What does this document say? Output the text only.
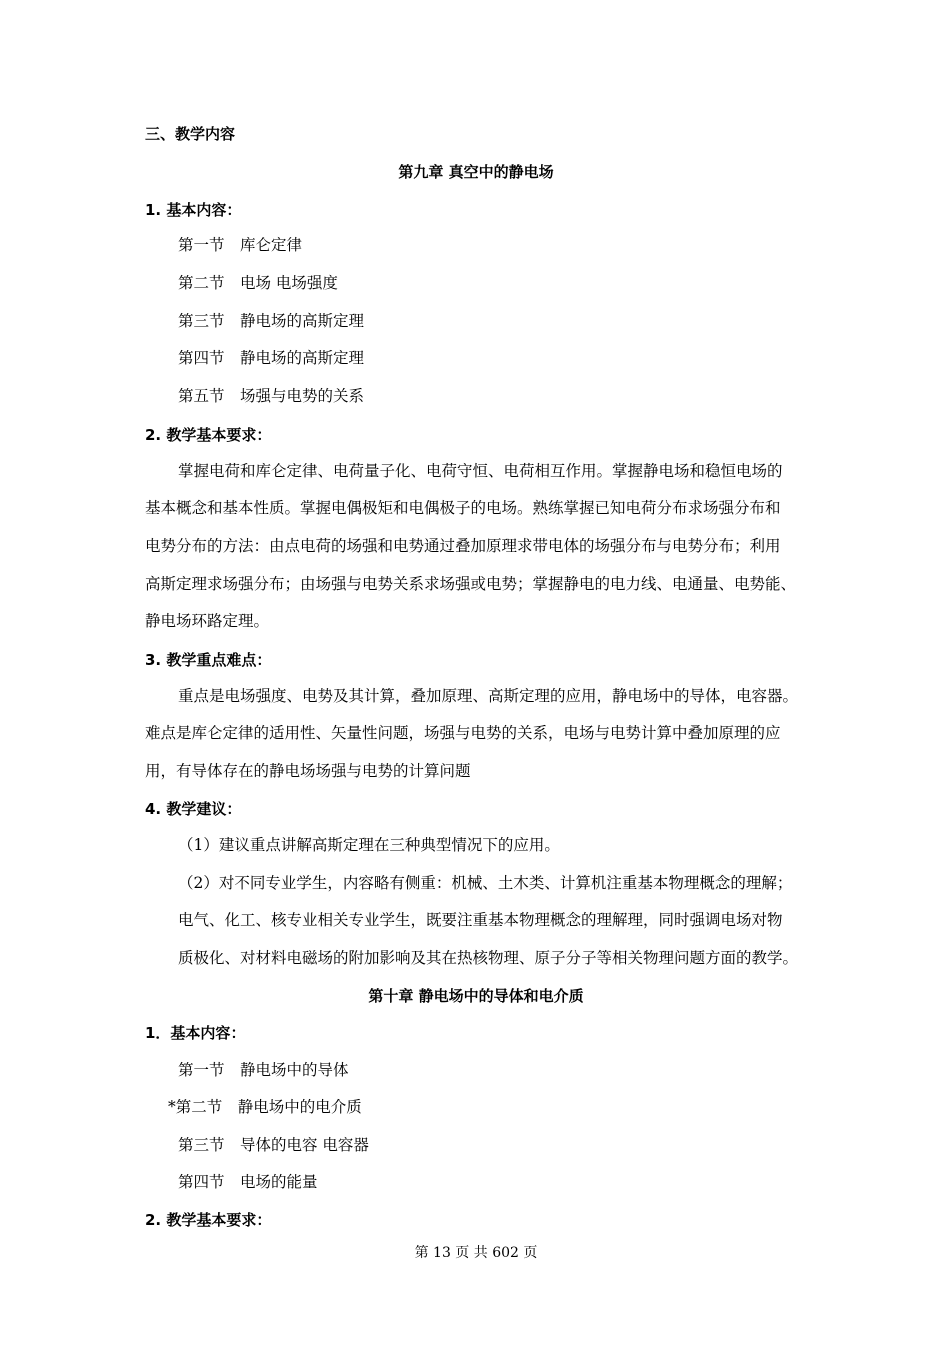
三、教学内容

第九章 真空中的静电场

1. 基本内容：

第一节　库仑定律

第二节　电场 电场强度

第三节　静电场的高斯定理

第四节　静电场的高斯定理

第五节　场强与电势的关系

2. 教学基本要求：

掌握电荷和库仑定律、电荷量子化、电荷守恒、电荷相互作用。掌握静电场和稳恒电场的

基本概念和基本性质。掌握电偶极矩和电偶极子的电场。熟练掌握已知电荷分布求场强分布和

电势分布的方法：由点电荷的场强和电势通过叠加原理求带电体的场强分布与电势分布；利用

高斯定理求场强分布；由场强与电势关系求场强或电势；掌握静电的电力线、电通量、电势能、

静电场环路定理。

3. 教学重点难点：

重点是电场强度、电势及其计算，叠加原理、高斯定理的应用，静电场中的导体，电容器。

难点是库仑定律的适用性、矢量性问题，场强与电势的关系，电场与电势计算中叠加原理的应

用，有导体存在的静电场场强与电势的计算问题

4. 教学建议：

（1）建议重点讲解高斯定理在三种典型情况下的应用。

（2）对不同专业学生，内容略有侧重：机械、土木类、计算机注重基本物理概念的理解；

电气、化工、核专业相关专业学生，既要注重基本物理概念的理解理，同时强调电场对物

质极化、对材料电磁场的附加影响及其在热核物理、原子分子等相关物理问题方面的教学。

第十章 静电场中的导体和电介质

1．基本内容：

第一节　静电场中的导体

*第二节　静电场中的电介质

第三节　导体的电容 电容器

第四节　电场的能量

2. 教学基本要求：

第 13 页 共 602 页
